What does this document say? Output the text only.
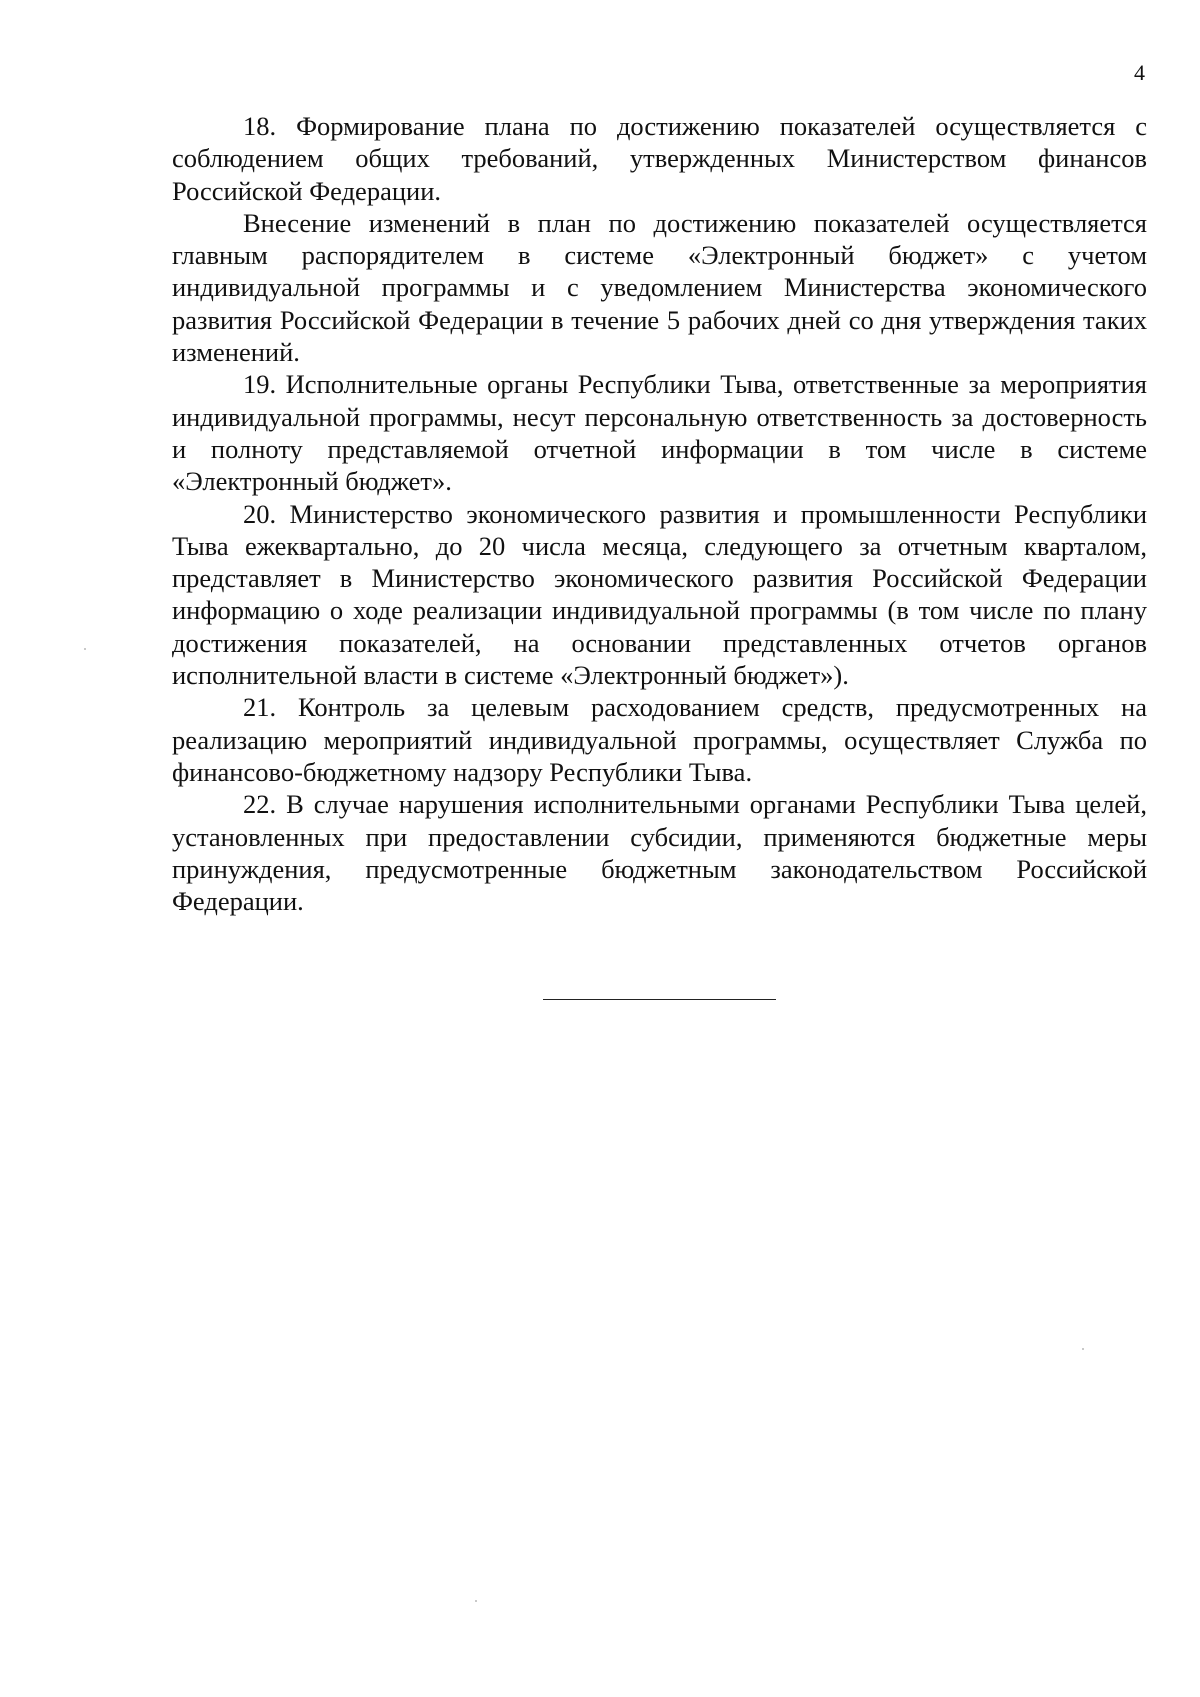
4

18. Формирование плана по достижению показателей осуществляется с соблюдением общих требований, утвержденных Министерством финансов Российской Федерации.

Внесение изменений в план по достижению показателей осуществляется главным распорядителем в системе «Электронный бюджет» с учетом индивидуальной программы и с уведомлением Министерства экономического развития Российской Федерации в течение 5 рабочих дней со дня утверждения таких изменений.

19. Исполнительные органы Республики Тыва, ответственные за мероприятия индивидуальной программы, несут персональную ответственность за достоверность и полноту представляемой отчетной информации в том числе в системе «Электронный бюджет».

20. Министерство экономического развития и промышленности Республики Тыва ежеквартально, до 20 числа месяца, следующего за отчетным кварталом, представляет в Министерство экономического развития Российской Федерации информацию о ходе реализации индивидуальной программы (в том числе по плану достижения показателей, на основании представленных отчетов органов исполнительной власти в системе «Электронный бюджет»).

21. Контроль за целевым расходованием средств, предусмотренных на реализацию мероприятий индивидуальной программы, осуществляет Служба по финансово-бюджетному надзору Республики Тыва.

22. В случае нарушения исполнительными органами Республики Тыва целей, установленных при предоставлении субсидии, применяются бюджетные меры принуждения, предусмотренные бюджетным законодательством Российской Федерации.
